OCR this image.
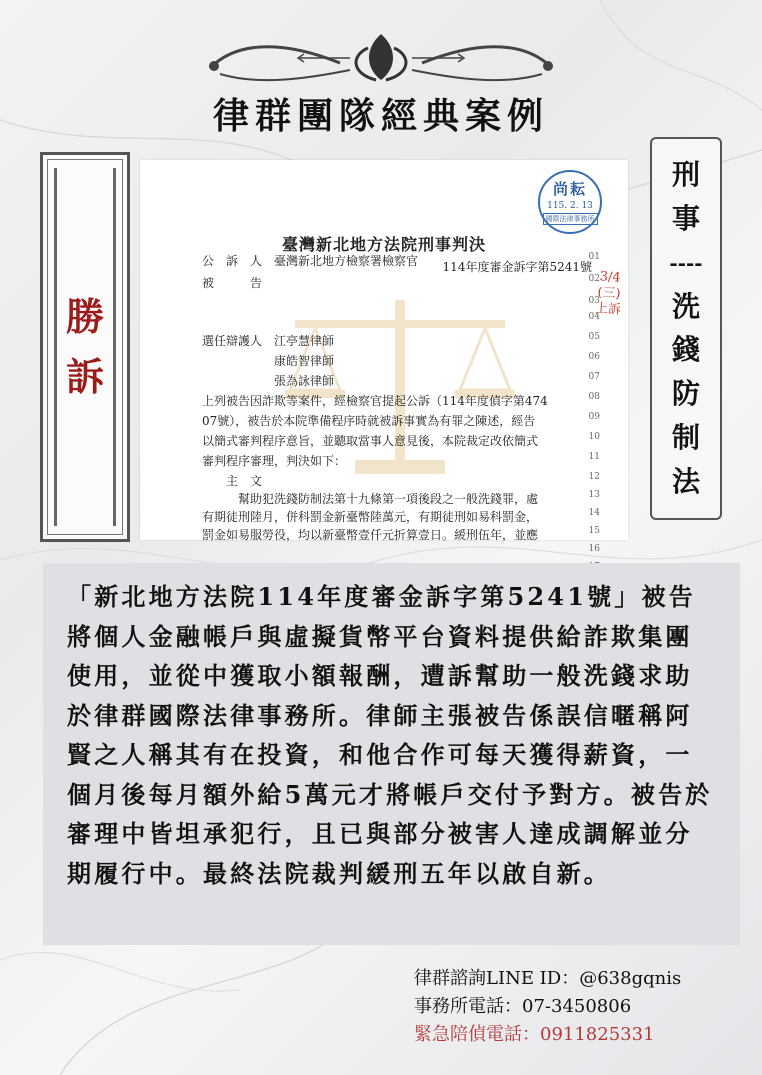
律群團隊經典案例
勝
訴
尚耘
115. 2. 13
國際法律事務所
3/4 (三) 上訴
臺灣新北地方法院刑事判決
114年度審金訴字第5241號
公　訴　人　臺灣新北地方檢察署檢察官
被　　　告
選任辯護人　江亭慧律師
　　　　　　康皓智律師
　　　　　　張為詠律師
上列被告因詐欺等案件，經檢察官提起公訴（114年度偵字第474
07號），被告於本院準備程序時就被訴事實為有罪之陳述，經告
以簡式審判程序意旨，並聽取當事人意見後，本院裁定改依簡式
審判程序審理，判決如下：
　　主　文
　　　幫助犯洗錢防制法第十九條第一項後段之一般洗錢罪，處
有期徒刑陸月，併科罰金新臺幣陸萬元，有期徒刑如易科罰金，
罰金如易服勞役，均以新臺幣壹仟元折算壹日。緩刑伍年，並應
01
02
03
04
05
06
07
08
09
10
11
12
13
14
15
16
刑
事
----
洗
錢
防
制
法
「新北地方法院114年度審金訴字第5241號」被告將個人金融帳戶與虛擬貨幣平台資料提供給詐欺集團使用，並從中獲取小額報酬，遭訴幫助一般洗錢求助於律群國際法律事務所。律師主張被告係誤信暱稱阿賢之人稱其有在投資，和他合作可每天獲得薪資，一個月後每月額外給5萬元才將帳戶交付予對方。被告於審理中皆坦承犯行，且已與部分被害人達成調解並分期履行中。最終法院裁判緩刑五年以啟自新。
律群諮詢LINE ID：@638gqnis
事務所電話：07-3450806
緊急陪偵電話：0911825331
